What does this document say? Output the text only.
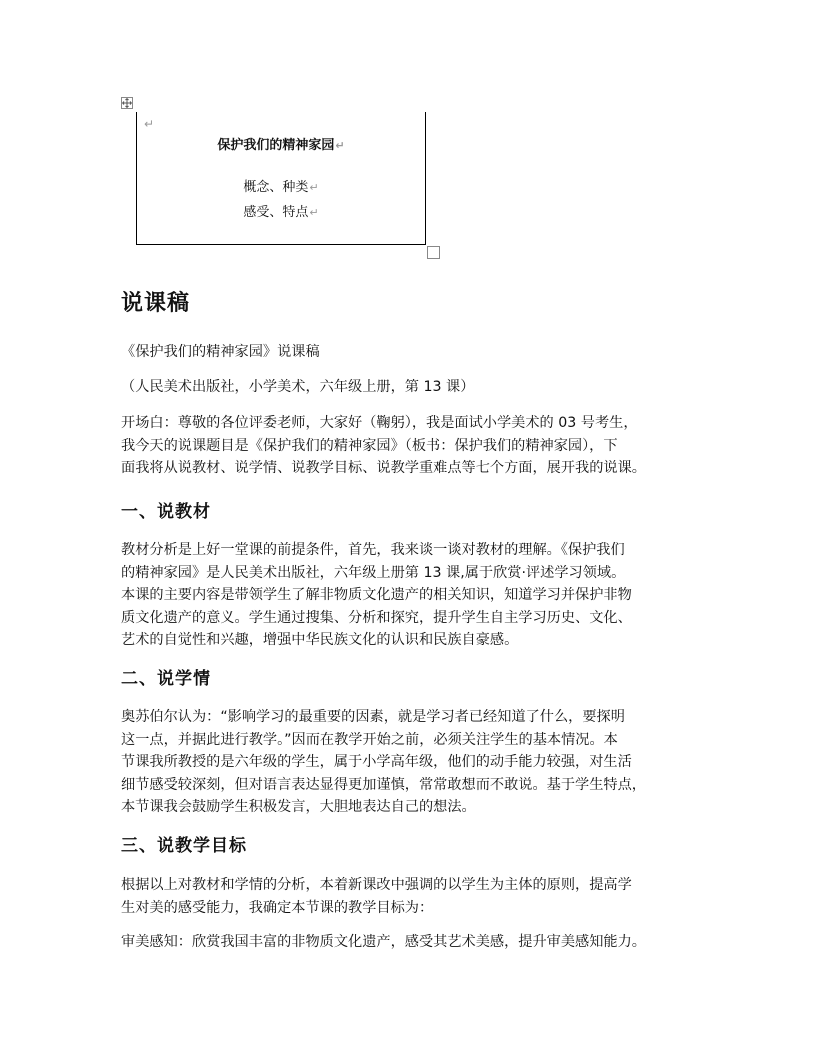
↵
保护我们的精神家园↵
概念、种类↵
感受、特点↵
说课稿

《保护我们的精神家园》说课稿

（人民美术出版社，小学美术，六年级上册，第 13 课）

开场白：尊敬的各位评委老师，大家好（鞠躬），我是面试小学美术的 03 号考生，

我今天的说课题目是《保护我们的精神家园》（板书：保护我们的精神家园），下

面我将从说教材、说学情、说教学目标、说教学重难点等七个方面，展开我的说课。

一、说教材

教材分析是上好一堂课的前提条件，首先，我来谈一谈对教材的理解。《保护我们

的精神家园》是人民美术出版社，六年级上册第 13 课,属于欣赏·评述学习领域。

本课的主要内容是带领学生了解非物质文化遗产的相关知识，知道学习并保护非物

质文化遗产的意义。学生通过搜集、分析和探究，提升学生自主学习历史、文化、

艺术的自觉性和兴趣，增强中华民族文化的认识和民族自豪感。

二、说学情

奥苏伯尔认为：“影响学习的最重要的因素，就是学习者已经知道了什么，要探明

这一点，并据此进行教学。”因而在教学开始之前，必须关注学生的基本情况。本

节课我所教授的是六年级的学生，属于小学高年级，他们的动手能力较强，对生活

细节感受较深刻，但对语言表达显得更加谨慎，常常敢想而不敢说。基于学生特点，

本节课我会鼓励学生积极发言，大胆地表达自己的想法。

三、说教学目标

根据以上对教材和学情的分析，本着新课改中强调的以学生为主体的原则，提高学

生对美的感受能力，我确定本节课的教学目标为：

审美感知：欣赏我国丰富的非物质文化遗产，感受其艺术美感，提升审美感知能力。
